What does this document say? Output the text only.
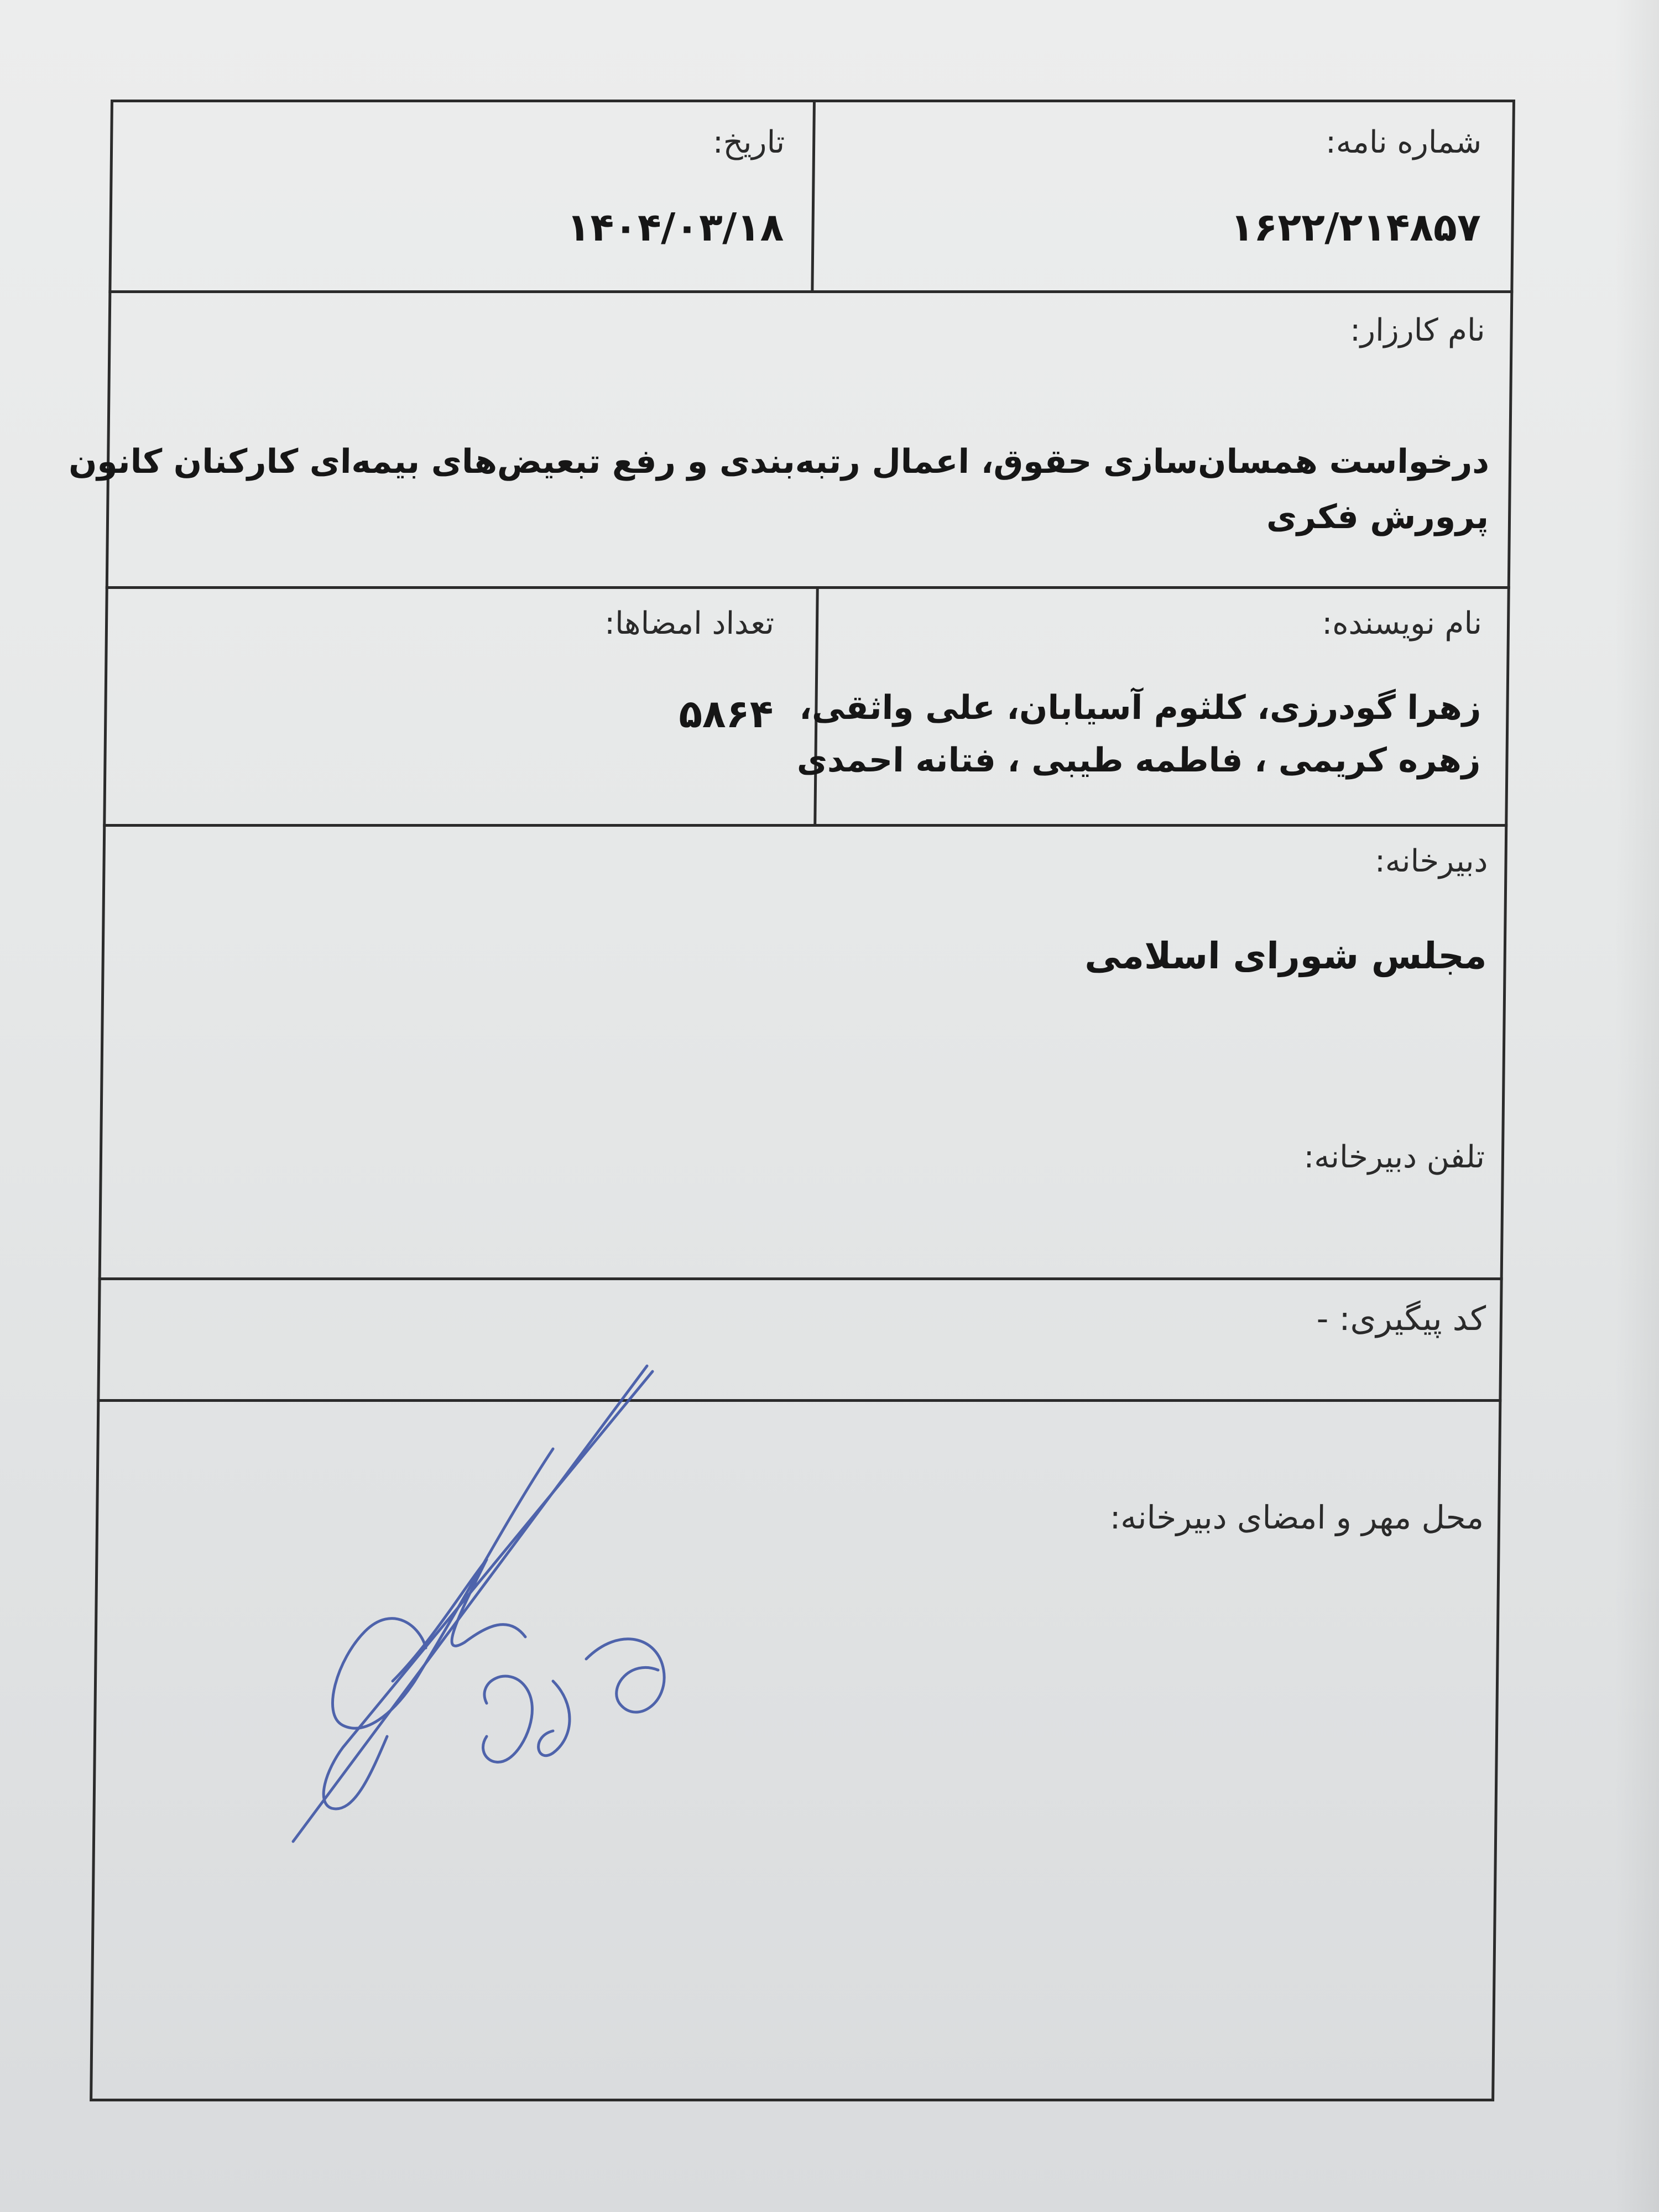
شماره نامه:
۱۶۲۲/۲۱۴۸۵۷
تاریخ:
۱۴۰۴/۰۳/۱۸
نام کارزار:
درخواست همسان‌سازی حقوق، اعمال رتبه‌بندی و رفع تبعیض‌های بیمه‌ای کارکنان کانون
پرورش فکری
نام نویسنده:
زهرا گودرزی، کلثوم آسیابان، علی واثقی،
زهره کریمی ، فاطمه طیبی ، فتانه احمدی
تعداد امضاها:
۵۸۶۴
دبیرخانه:
مجلس شورای اسلامی
تلفن دبیرخانه:
کد پیگیری: -
محل مهر و امضای دبیرخانه:
